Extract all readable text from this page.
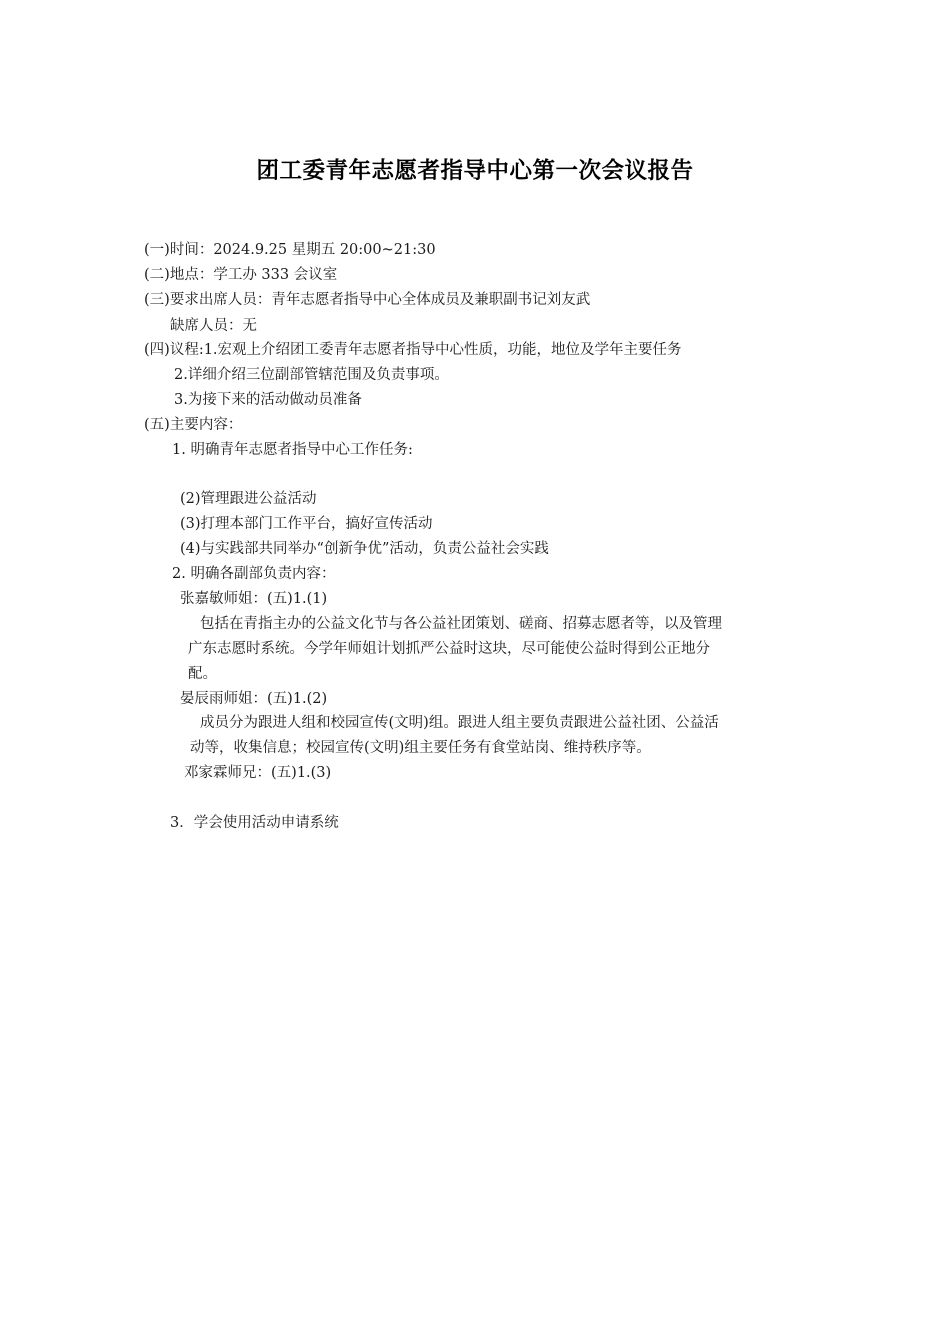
团工委青年志愿者指导中心第一次会议报告
(一)时间：2024.9.25 星期五 20:00~21:30
(二)地点：学工办 333 会议室
(三)要求出席人员：青年志愿者指导中心全体成员及兼职副书记刘友武
缺席人员：无
(四)议程:1.宏观上介绍团工委青年志愿者指导中心性质，功能，地位及学年主要任务
2.详细介绍三位副部管辖范围及负责事项。
3.为接下来的活动做动员准备
(五)主要内容：
1. 明确青年志愿者指导中心工作任务:
(2)管理跟进公益活动
(3)打理本部门工作平台，搞好宣传活动
(4)与实践部共同举办“创新争优”活动，负责公益社会实践
2. 明确各副部负责内容：
张嘉敏师姐：(五)1.(1)
包括在青指主办的公益文化节与各公益社团策划、磋商、招募志愿者等，以及管理
广东志愿时系统。今学年师姐计划抓严公益时这块，尽可能使公益时得到公正地分
配。
晏辰雨师姐：(五)1.(2)
成员分为跟进人组和校园宣传(文明)组。跟进人组主要负责跟进公益社团、公益活
动等，收集信息；校园宣传(文明)组主要任务有食堂站岗、维持秩序等。
邓家霖师兄：(五)1.(3)
3．学会使用活动申请系统
